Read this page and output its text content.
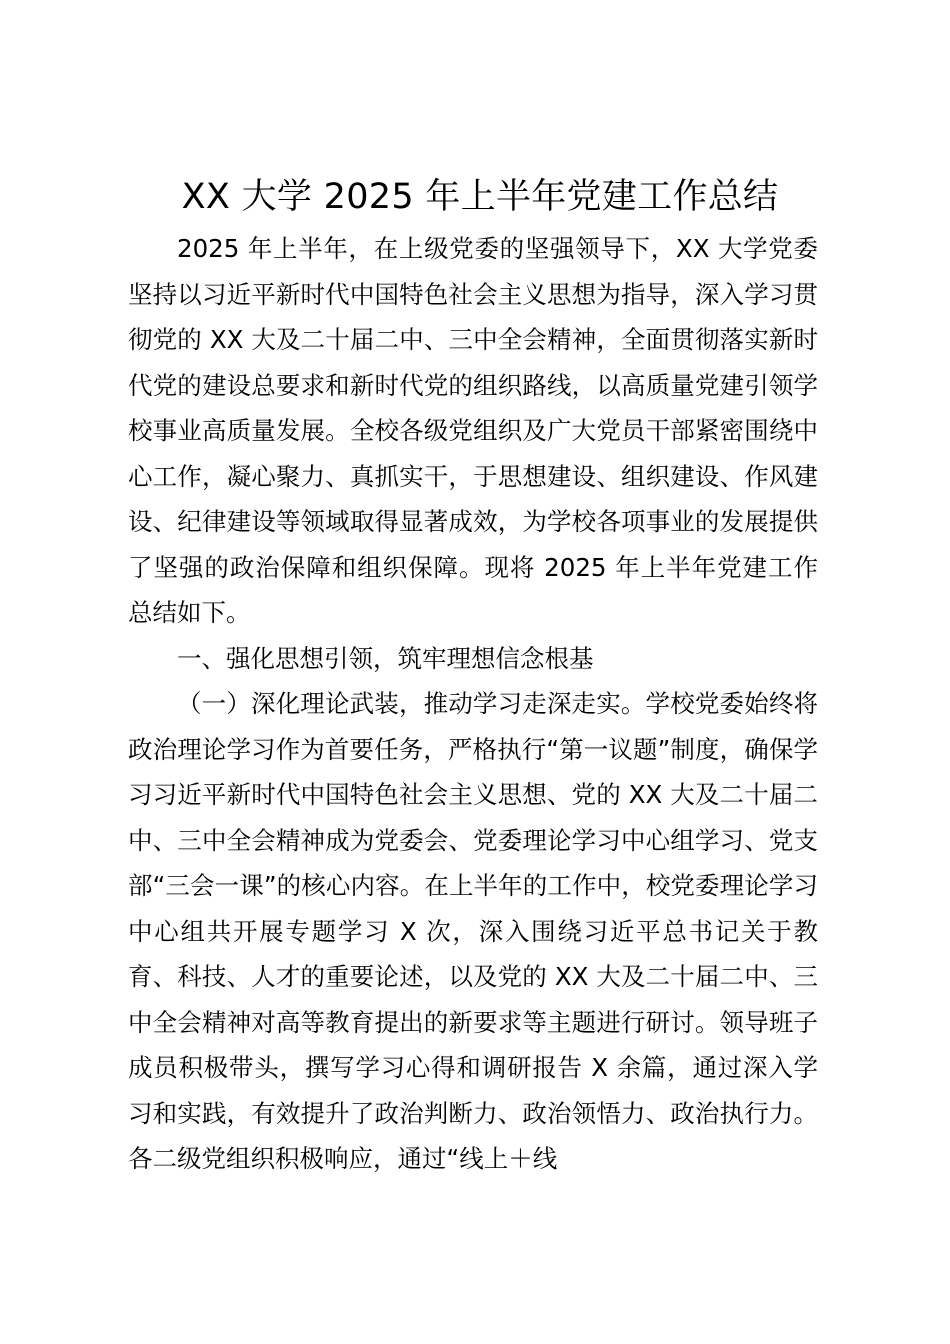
XX 大学 2025 年上半年党建工作总结

2025 年上半年，在上级党委的坚强领导下，XX 大学党委坚持以习近平新时代中国特色社会主义思想为指导，深入学习贯彻党的 XX 大及二十届二中、三中全会精神，全面贯彻落实新时代党的建设总要求和新时代党的组织路线，以高质量党建引领学校事业高质量发展。全校各级党组织及广大党员干部紧密围绕中心工作，凝心聚力、真抓实干，于思想建设、组织建设、作风建设、纪律建设等领域取得显著成效，为学校各项事业的发展提供了坚强的政治保障和组织保障。现将 2025 年上半年党建工作总结如下。

一、强化思想引领，筑牢理想信念根基

（一）深化理论武装，推动学习走深走实。学校党委始终将政治理论学习作为首要任务，严格执行“第一议题”制度，确保学习习近平新时代中国特色社会主义思想、党的 XX 大及二十届二中、三中全会精神成为党委会、党委理论学习中心组学习、党支部“三会一课”的核心内容。在上半年的工作中，校党委理论学习中心组共开展专题学习 X 次，深入围绕习近平总书记关于教育、科技、人才的重要论述，以及党的 XX 大及二十届二中、三中全会精神对高等教育提出的新要求等主题进行研讨。领导班子成员积极带头，撰写学习心得和调研报告 X 余篇，通过深入学习和实践，有效提升了政治判断力、政治领悟力、政治执行力。各二级党组织积极响应，通过“线上＋线
